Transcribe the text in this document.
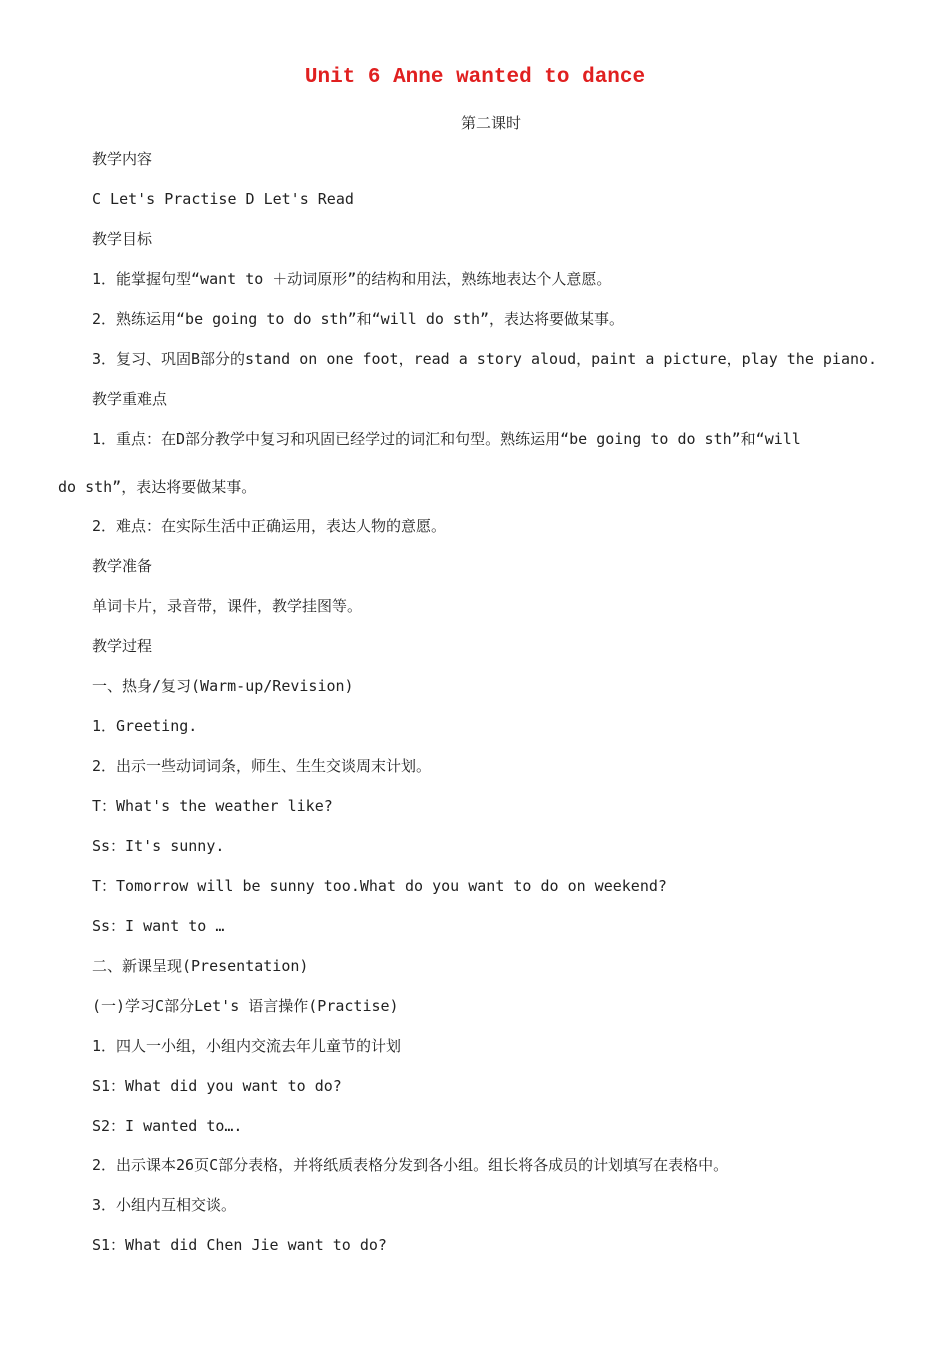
Unit 6 Anne wanted to dance
第二课时
教学内容
C Let's Practise D Let's Read
教学目标
1．能掌握句型“want to ＋动词原形”的结构和用法，熟练地表达个人意愿。
2．熟练运用“be going to do sth”和“will do sth”，表达将要做某事。
3．复习、巩固B部分的stand on one foot，read a story aloud，paint a picture，play the piano.
教学重难点
1．重点：在D部分教学中复习和巩固已经学过的词汇和句型。熟练运用“be going to do sth”和“will
do sth”，表达将要做某事。
2．难点：在实际生活中正确运用，表达人物的意愿。
教学准备
单词卡片，录音带，课件，教学挂图等。
教学过程
一、热身/复习(Warm-up/Revision)
1．Greeting.
2．出示一些动词词条，师生、生生交谈周末计划。
T：What's the weather like?
Ss：It's sunny.
T：Tomorrow will be sunny too.What do you want to do on weekend?
Ss：I want to …
二、新课呈现(Presentation)
(一)学习C部分Let's 语言操作(Practise)
1．四人一小组，小组内交流去年儿童节的计划
S1：What did you want to do?
S2：I wanted to….
2．出示课本26页C部分表格，并将纸质表格分发到各小组。组长将各成员的计划填写在表格中。
3．小组内互相交谈。
S1：What did Chen Jie want to do?
